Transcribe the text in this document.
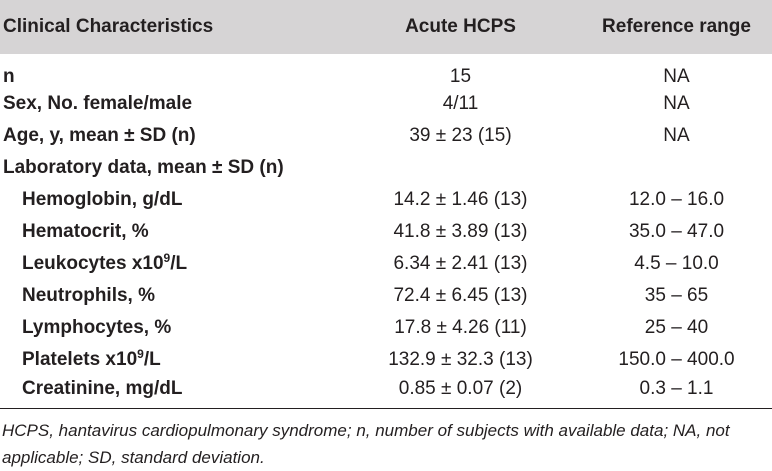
Clinical Characteristics	Acute HCPS	Reference range
n	15	NA
Sex, No. female/male	4/11	NA
Age, y, mean ± SD (n)	39 ± 23 (15)	NA
Laboratory data, mean ± SD (n)		
Hemoglobin, g/dL	14.2 ± 1.46 (13)	12.0 – 16.0
Hematocrit, %	41.8 ± 3.89 (13)	35.0 – 47.0
Leukocytes $x10^9/L$	6.34 ± 2.41 (13)	4.5 – 10.0
Neutrophils, %	72.4 ± 6.45 (13)	35 – 65
Lymphocytes, %	17.8 ± 4.26 (11)	25 – 40
Platelets $x10^9/L$	132.9 ± 32.3 (13)	150.0 – 400.0
Creatinine, mg/dL	0.85 ± 0.07 (2)	0.3 – 1.1
HCPS, hantavirus cardiopulmonary syndrome; n, number of subjects with available data; NA, not applicable; SD, standard deviation.
